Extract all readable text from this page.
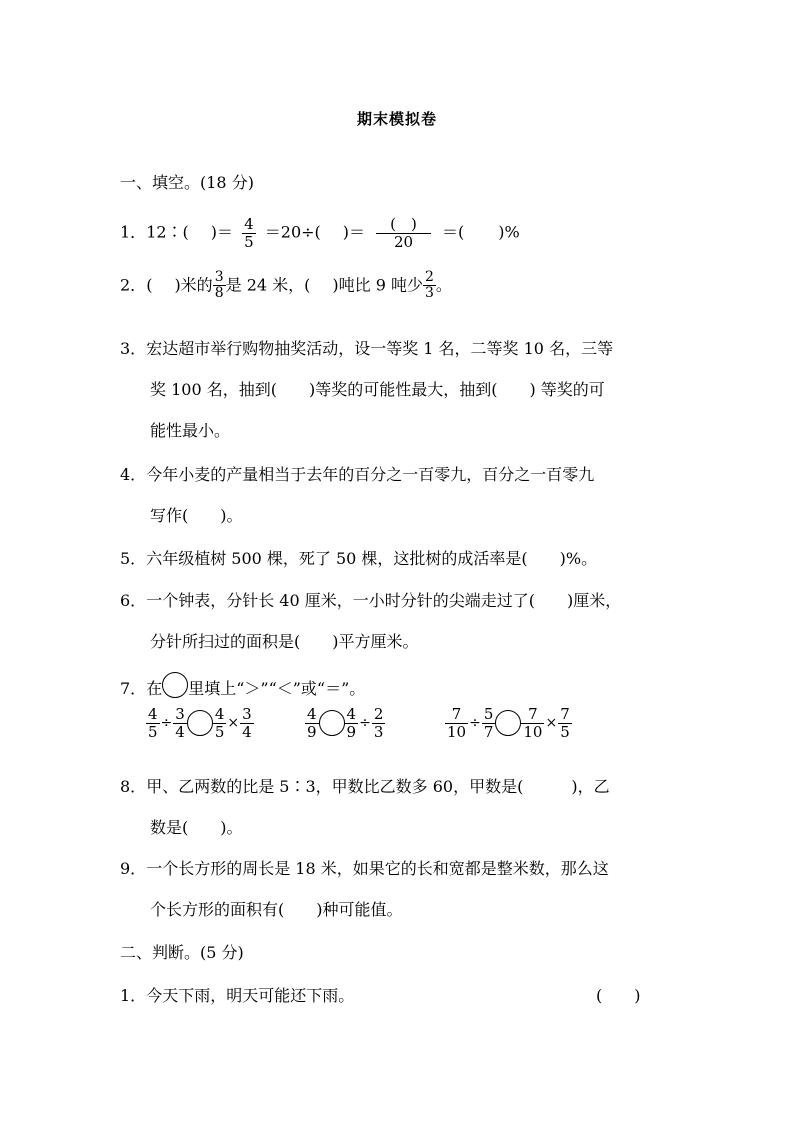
期末模拟卷
一、填空。(18 分)
1．12∶( )＝ $\frac{4}{5} =20\div$( )＝ $\frac{( )}{20}$ ＝( )%
2．( )米的 $\frac{3}{8}$ 是 24 米，( )吨比 9 吨少 $\frac{2}{3}$ 。
3．宏达超市举行购物抽奖活动，设一等奖 1 名，二等奖 10 名，三等
奖 100 名，抽到(　　)等奖的可能性最大，抽到(　　) 等奖的可
能性最小。
4．今年小麦的产量相当于去年的百分之一百零九，百分之一百零九
写作(　　)。
5．六年级植树 500 棵，死了 50 棵，这批树的成活率是(　　)%。
6．一个钟表，分针长 40 厘米，一小时分针的尖端走过了(　　)厘米，
分针所扫过的面积是(　　)平方厘米。
7．在 里填上“＞”“＜”或“＝”。
$\frac{4}{5} \div \frac{3}{4} \frac{4}{5} \times \frac{3}{4}$	$\frac{4}{9} \frac{4}{9} \div \frac{2}{3}$	$\frac{7}{10} \div \frac{5}{7} \frac{7}{10} \times \frac{7}{5}$
8．甲、乙两数的比是 5∶3，甲数比乙数多 60，甲数是(　　　)，乙
数是(　　)。
9．一个长方形的周长是 18 米，如果它的长和宽都是整米数，那么这
个长方形的面积有(　　)种可能值。
二、判断。(5 分)
1．今天下雨，明天可能还下雨。	(　　)
